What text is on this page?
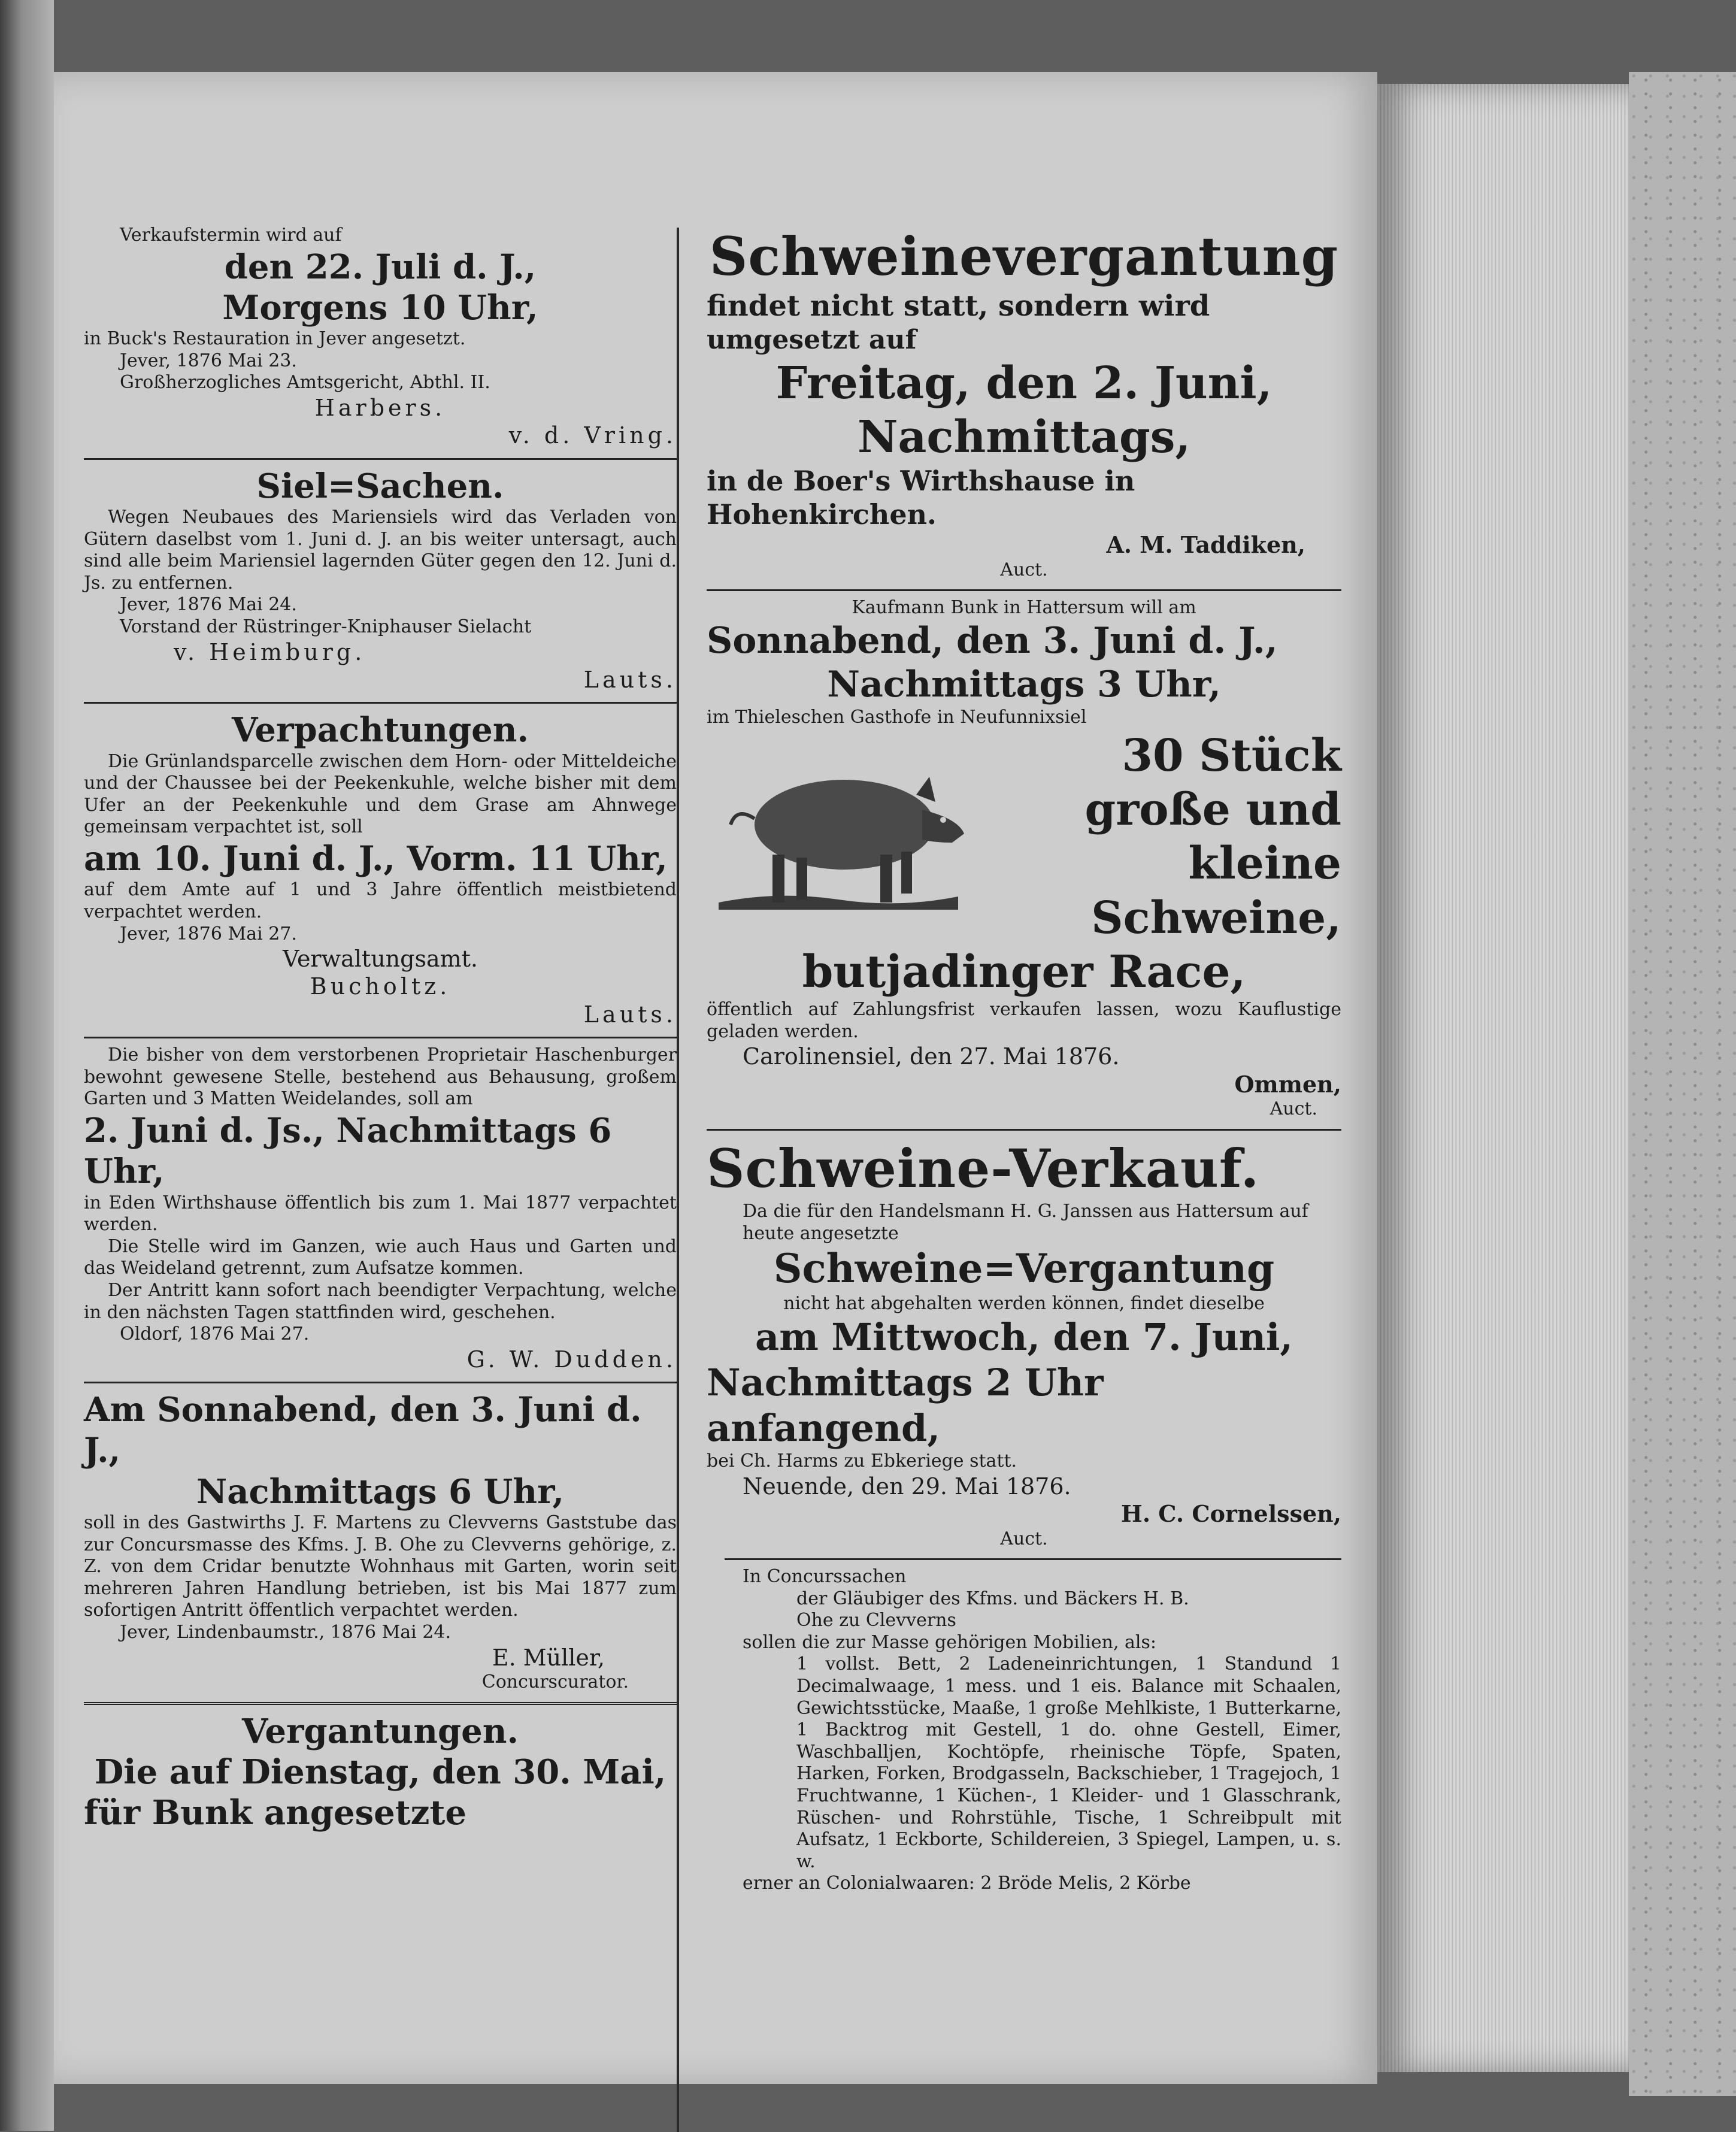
Verkaufstermin wird auf

den 22. Juli d. J.,

Morgens 10 Uhr,

in Buck's Restauration in Jever angesetzt.

Jever, 1876 Mai 23.

Großherzogliches Amtsgericht, Abthl. II.

Harbers.

v. d. Vring.

Siel=Sachen.

Wegen Neubaues des Mariensiels wird das Verladen von Gütern daselbst vom 1. Juni d. J. an bis weiter untersagt, auch sind alle beim Mariensiel lagernden Güter gegen den 12. Juni d. Js. zu entfernen.

Jever, 1876 Mai 24.

Vorstand der Rüstringer-Kniphauser Sielacht

v. Heimburg.

Lauts.

Verpachtungen.

Die Grünlandsparcelle zwischen dem Horn- oder Mitteldeiche und der Chaussee bei der Peekenkuhle, welche bisher mit dem Ufer an der Peekenkuhle und dem Grase am Ahnwege gemeinsam verpachtet ist, soll

am 10. Juni d. J., Vorm. 11 Uhr,

auf dem Amte auf 1 und 3 Jahre öffentlich meistbietend verpachtet werden.

Jever, 1876 Mai 27.

Verwaltungsamt.

Bucholtz.

Lauts.

Die bisher von dem verstorbenen Proprietair Haschenburger bewohnt gewesene Stelle, bestehend aus Behausung, großem Garten und 3 Matten Weidelandes, soll am

2. Juni d. Js., Nachmittags 6 Uhr,

in Eden Wirthshause öffentlich bis zum 1. Mai 1877 verpachtet werden.

Die Stelle wird im Ganzen, wie auch Haus und Garten und das Weideland getrennt, zum Aufsatze kommen.

Der Antritt kann sofort nach beendigter Verpachtung, welche in den nächsten Tagen stattfinden wird, geschehen.

Oldorf, 1876 Mai 27.

G. W. Dudden.

Am Sonnabend, den 3. Juni d. J.,

Nachmittags 6 Uhr,

soll in des Gastwirths J. F. Martens zu Clevverns Gaststube das zur Concursmasse des Kfms. J. B. Ohe zu Clevverns gehörige, z. Z. von dem Cridar benutzte Wohnhaus mit Garten, worin seit mehreren Jahren Handlung betrieben, ist bis Mai 1877 zum sofortigen Antritt öffentlich verpachtet werden.

Jever, Lindenbaumstr., 1876 Mai 24.

E. Müller,

Concurscurator.

Vergantungen.

Die auf Dienstag, den 30. Mai,

für Bunk angesetzte

Schweinevergantung

findet nicht statt, sondern wird

umgesetzt auf

Freitag, den 2. Juni,

Nachmittags,

in de Boer's Wirthshause in Hohenkirchen.

A. M. Taddiken,

Auct.

Kaufmann Bunk in Hattersum will am

Sonnabend, den 3. Juni d. J.,

Nachmittags 3 Uhr,

im Thieleschen Gasthofe in Neufunnixsiel

30 Stück

große und kleine

Schweine,

butjadinger Race,

öffentlich auf Zahlungsfrist verkaufen lassen, wozu Kauflustige geladen werden.

Carolinensiel, den 27. Mai 1876.

Ommen,

Auct.

Schweine-Verkauf.

Da die für den Handelsmann H. G. Janssen aus Hattersum auf heute angesetzte

Schweine=Vergantung

nicht hat abgehalten werden können, findet dieselbe

am Mittwoch, den 7. Juni,

Nachmittags 2 Uhr anfangend,

bei Ch. Harms zu Ebkeriege statt.

Neuende, den 29. Mai 1876.

H. C. Cornelssen,

Auct.

In Concurssachen

der Gläubiger des Kfms. und Bäckers H. B.

Ohe zu Clevverns

sollen die zur Masse gehörigen Mobilien, als:

1 vollst. Bett, 2 Ladeneinrichtungen, 1 Standund 1 Decimalwaage, 1 mess. und 1 eis. Balance mit Schaalen, Gewichtsstücke, Maaße, 1 große Mehlkiste, 1 Butterkarne, 1 Backtrog mit Gestell, 1 do. ohne Gestell, Eimer, Waschballjen, Kochtöpfe, rheinische Töpfe, Spaten, Harken, Forken, Brodgasseln, Backschieber, 1 Tragejoch, 1 Fruchtwanne, 1 Küchen-, 1 Kleider- und 1 Glasschrank, Rüschen- und Rohrstühle, Tische, 1 Schreibpult mit Aufsatz, 1 Eckborte, Schildereien, 3 Spiegel, Lampen, u. s. w.

erner an Colonialwaaren: 2 Bröde Melis, 2 Körbe
